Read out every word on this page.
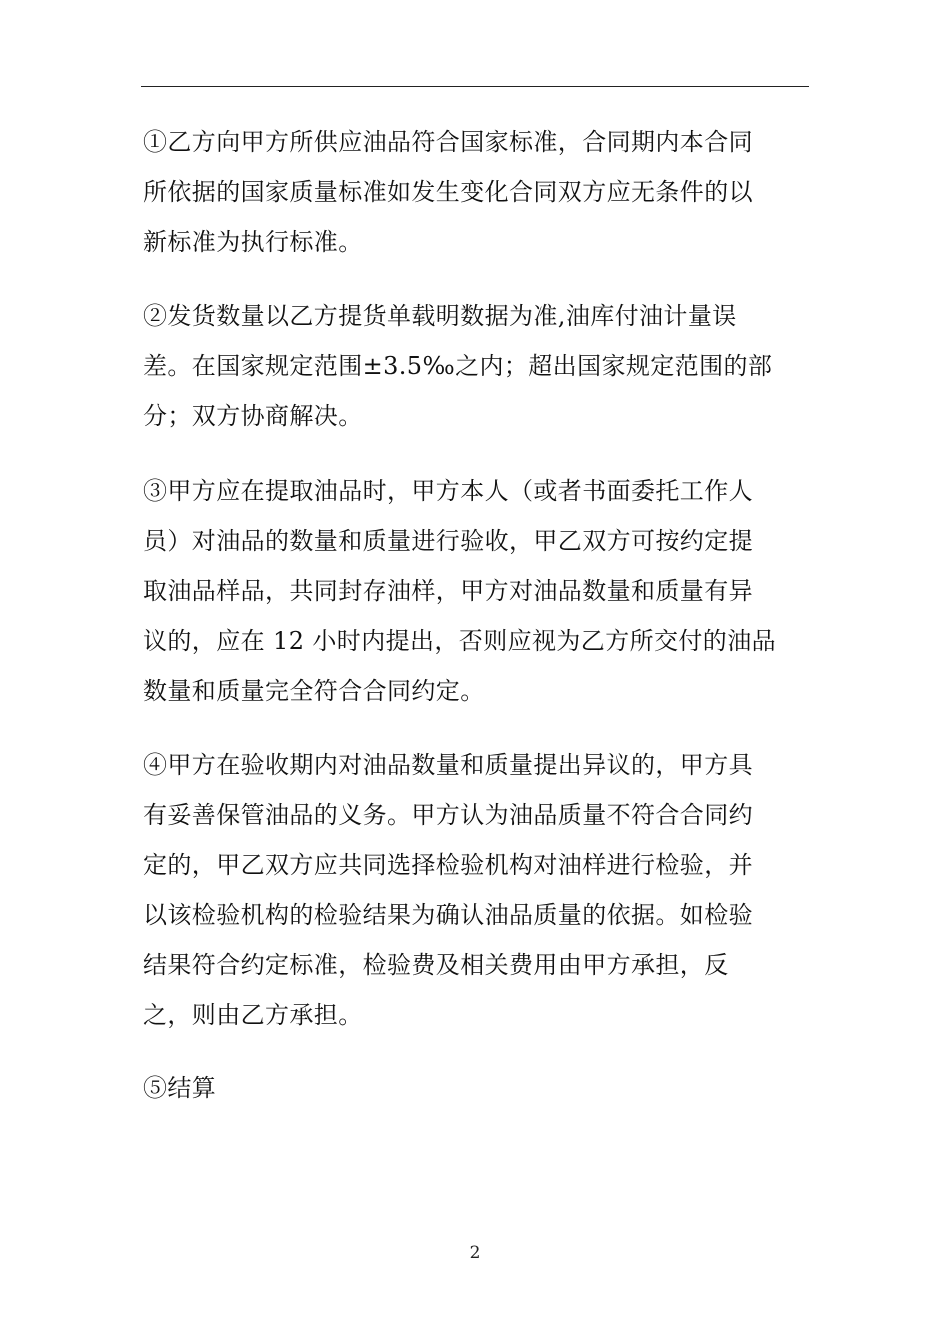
①乙方向甲方所供应油品符合国家标准，合同期内本合同
所依据的国家质量标准如发生变化合同双方应无条件的以
新标准为执行标准。
②发货数量以乙方提货单载明数据为准,油库付油计量误
差。在国家规定范围±3.5‰之内；超出国家规定范围的部
分；双方协商解决。
③甲方应在提取油品时，甲方本人（或者书面委托工作人
员）对油品的数量和质量进行验收，甲乙双方可按约定提
取油品样品，共同封存油样，甲方对油品数量和质量有异
议的，应在 12 小时内提出，否则应视为乙方所交付的油品
数量和质量完全符合合同约定。
④甲方在验收期内对油品数量和质量提出异议的，甲方具
有妥善保管油品的义务。甲方认为油品质量不符合合同约
定的，甲乙双方应共同选择检验机构对油样进行检验，并
以该检验机构的检验结果为确认油品质量的依据。如检验
结果符合约定标准，检验费及相关费用由甲方承担，反
之，则由乙方承担。
⑤结算
2
